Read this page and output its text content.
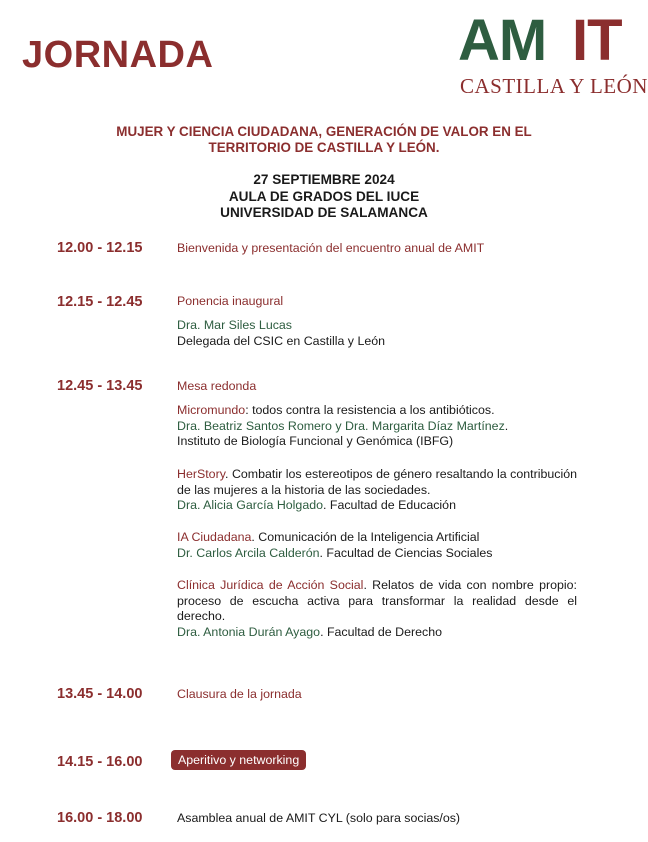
JORNADA	AM IT
CASTILLA Y LEÓN
MUJER Y CIENCIA CIUDADANA, GENERACIÓN DE VALOR EN EL
TERRITORIO DE CASTILLA Y LEÓN.
27 SEPTIEMBRE 2024
AULA DE GRADOS DEL IUCE
UNIVERSIDAD DE SALAMANCA
12.00 - 12.15	Bienvenida y presentación del encuentro anual de AMIT
12.15 - 12.45	Ponencia inaugural

Dra. Mar Siles Lucas

Delegada del CSIC en Castilla y León

12.45 - 13.45	Mesa redonda

Micromundo: todos contra la resistencia a los antibióticos.

Dra. Beatriz Santos Romero y Dra. Margarita Díaz Martínez.

Instituto de Biología Funcional y Genómica (IBFG)

HerStory. Combatir los estereotipos de género resaltando la contribución de las mujeres a la historia de las sociedades.

Dra. Alicia García Holgado. Facultad de Educación

IA Ciudadana. Comunicación de la Inteligencia Artificial

Dr. Carlos Arcila Calderón. Facultad de Ciencias Sociales

Clínica Jurídica de Acción Social. Relatos de vida con nombre propio: proceso de escucha activa para transformar la realidad desde el derecho.

Dra. Antonia Durán Ayago. Facultad de Derecho

13.45 - 14.00	Clausura de la jornada
14.15 - 16.00	Aperitivo y networking
16.00 - 18.00	Asamblea anual de AMIT CYL (solo para socias/os)
